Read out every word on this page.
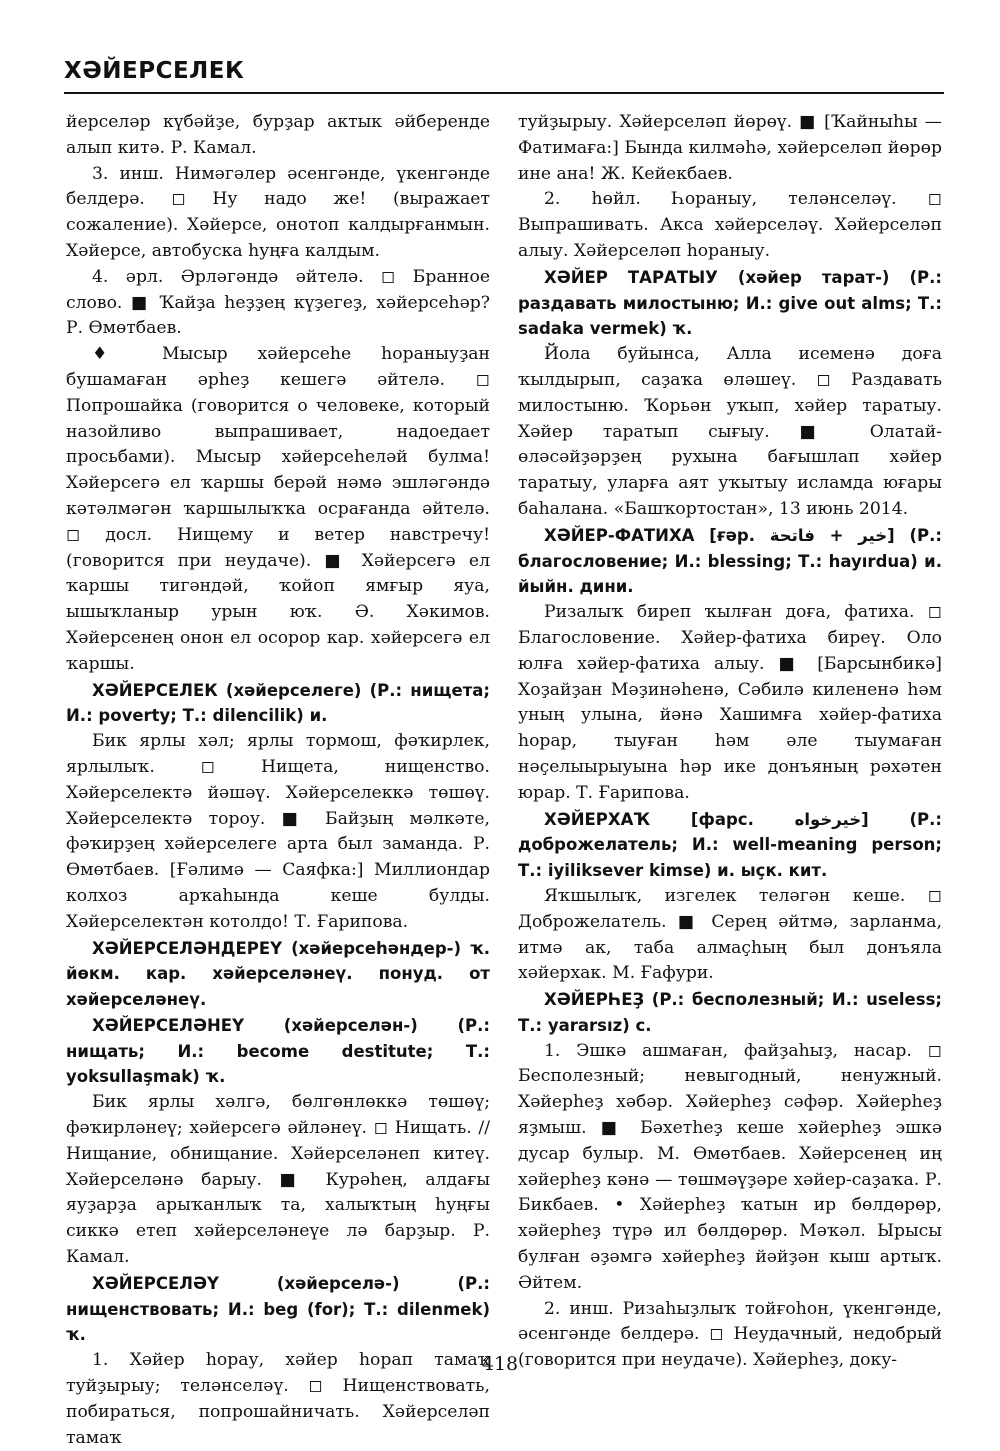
ХӘЙЕРСЕЛЕК

йерселәр күбәйҙе, бурҙар актык әйберенде алып китә. Р. Камал.

3. инш. Нимәгәлер әсенгәнде, үкенгәнде белдерә. ◻ Ну надо же! (выражает сожаление). Хәйерсе, онотоп калдырғанмын. Хәйерсе, автобуска һуңға калдым.

4. әрл. Әрләгәндә әйтелә. ◻ Бранное слово. ■ Ҡайҙа һеҙҙең күҙегеҙ, хәйерсеһәр? Р. Өмөтбаев.

♦ Мысыр хәйерсеһе һораныуҙан бушамаған әрһеҙ кешегә әйтелә. ◻ Попрошайка (говорится о человеке, который назойливо выпрашивает, надоедает просьбами). Мысыр хәйерсеһеләй булма! Хәйерсегә ел ҡаршы берәй нәмә эшләгәндә кәтәлмәгән ҡаршылыҡҡа осрағанда әйтелә. ◻ досл. Нищему и ветер навстречу! (говорится при неудаче). ■ Хәйерсегә ел ҡаршы тигәндәй, ҡойоп ямғыр яуа, ышыҡланыр урын юҡ. Ә. Хәкимов. Хәйерсенең онон ел осорор кар. хәйерсегә ел ҡаршы.

ХӘЙЕРСЕЛЕК (хәйерселеге) (Р.: нищета; И.: poverty; Т.: dilencilik) и.

Бик ярлы хәл; ярлы тормош, фәҡирлек, ярлылыҡ. ◻ Нищета, нищенство. Хәйерселектә йәшәү. Хәйерселеккә төшөү. Хәйерселектә тороу. ■ Байҙың мәлкәте, фәҡирҙең хәйерселеге арта был заманда. Р. Өмөтбаев. [Ғәлимә — Саяфка:] Миллиондар колхоз арҡаһында кеше булды. Хәйерселектән котолдо! Т. Ғарипова.

ХӘЙЕРСЕЛӘНДЕРЕҮ (хәйерсеһәндер-) ҡ. йөкм. кар. хәйерселәнеү. понуд. от хәйерселәнеү.

ХӘЙЕРСЕЛӘНЕҮ (хәйерселән-) (Р.: нищать; И.: become destitute; Т.: yoksullaşmak) ҡ.

Бик ярлы хәлгә, бөлгөнлөккә төшөү; фәҡирләнеү; хәйерсегә әйләнеү. ◻ Нищать. // Нищание, обнищание. Хәйерселәнеп китеү. Хәйерселәнә барыу. ■ Курәһең, алдағы яуҙарҙа арыҡанлыҡ та, халыҡтың һуңғы сиккә етеп хәйерселәнеүе лә барҙыр. Р. Камал.

ХӘЙЕРСЕЛӘҮ (хәйерселә-) (Р.: нищенствовать; И.: beg (for); Т.: dilenmek) ҡ.

1. Хәйер һорау, хәйер һорап тамаҡ туйҙырыу; теләнселәү. ◻ Нищенствовать, побираться, попрошайничать. Хәйерселәп тамаҡ

туйҙырыу. Хәйерселәп йөрөү. ■ [Ҡайныһы — Фатимаға:] Бында килмәһә, хәйерселәп йөрөр ине ана! Ж. Кейекбаев.

2. һөйл. Һораныу, теләнселәү. ◻ Выпрашивать. Акса хәйерселәү. Хәйерселәп алыу. Хәйерселәп һораныу.

ХӘЙЕР ТАРАТЫУ (хәйер тарат-) (Р.: раздавать милостыню; И.: give out alms; Т.: sadaka vermek) ҡ.

Йола буйынса, Алла исеменә доға ҡылдырып, саҙаҡа өләшеү. ◻ Раздавать милостыню. Ҡорьән уҡып, хәйер таратыу. Хәйер таратып сығыу. ■ Олатай-өләсәйҙәрҙең рухына бағышлап хәйер таратыу, уларға аят уҡытыу исламда юғары баһалана. «Башҡортостан», 13 июнь 2014.

ХӘЙЕР-ФАТИХА [ғәр. خير + فاتحة] (Р.: благословение; И.: blessing; Т.: hayırdua) и. йыйн. дини.

Ризалыҡ биреп ҡылған доға, фатиха. ◻ Благословение. Хәйер-фатиха биреү. Оло юлға хәйер-фатиха алыу. ■ [Барсынбикә] Хоҙайҙан Мәҙинәһенә, Сәбилә килененә һәм уның улына, йәнә Хашимға хәйер-фатиха һорар, тыуған һәм әле тыумаған нәҫелыырыуына һәр ике донъяның рәхәтен юрар. Т. Ғарипова.

ХӘЙЕРХАҠ [фарс. خيرخواه] (Р.: доброжелатель; И.: well-meaning person; Т.: iyiliksever kimse) и. ыҫк. кит.

Яҡшылыҡ, изгелек теләгән кеше. ◻ Доброжелатель. ■ Серең әйтмә, зарланма, итмә ак, таба алмаҫһың был донъяла хәйерхак. М. Ғафури.

ХӘЙЕРҺЕҘ (Р.: бесполезный; И.: useless; Т.: yararsız) с.

1. Эшкә ашмаған, файҙаһыҙ, насар. ◻ Бесполезный; невыгодный, ненужный. Хәйерһеҙ хәбәр. Хәйерһеҙ сәфәр. Хәйерһеҙ яҙмыш. ■ Бәхетһеҙ кеше хәйерһеҙ эшкә дусар булыр. М. Өмөтбаев. Хәйерсенең иң хәйерһеҙ кәнә — төшмәүҙәре хәйер-саҙаҡа. Р. Бикбаев. • Хәйерһеҙ ҡатын ир бөлдөрөр, хәйерһеҙ түрә ил бөлдөрөр. Мәҡәл. Ырысы булған әҙәмгә хәйерһеҙ йәйҙән кыш артыҡ. Әйтем.

2. инш. Ризаһыҙлыҡ тойғоһон, үкенгәнде, әсенгәнде белдерә. ◻ Неудачный, недобрый (говорится при неудаче). Хәйерһеҙ, доку-

418
